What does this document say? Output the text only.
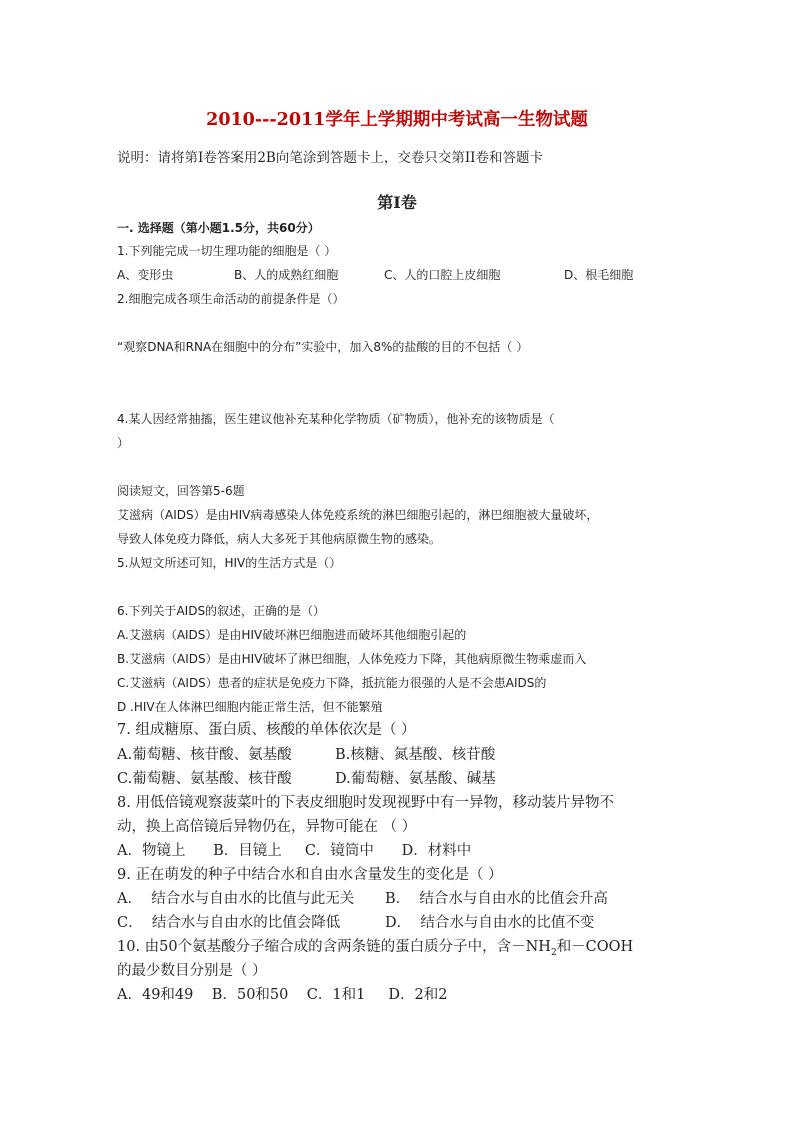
2010---2011学年上学期期中考试高一生物试题
说明：请将第I卷答案用2B向笔涂到答题卡上，交卷只交第II卷和答题卡
第I卷
一. 选择题（第小题1.5分，共60分）
1.下列能完成一切生理功能的细胞是（ ）
A、变形虫	B、人的成熟红细胞	C、人的口腔上皮细胞	D、根毛细胞
2.细胞完成各项生命活动的前提条件是（）
“观察DNA和RNA在细胞中的分布”实验中，加入8%的盐酸的目的不包括（ ）
4.某人因经常抽搐，医生建议他补充某种化学物质（矿物质），他补充的该物质是（
）
阅读短文，回答第5-6题
艾滋病（AIDS）是由HIV病毒感染人体免疫系统的淋巴细胞引起的，淋巴细胞被大量破坏，
导致人体免疫力降低，病人大多死于其他病原微生物的感染。
5.从短文所述可知，HIV的生活方式是（）
6.下列关于AIDS的叙述，正确的是（）
A.艾滋病（AIDS）是由HIV破坏淋巴细胞进而破坏其他细胞引起的
B.艾滋病（AIDS）是由HIV破坏了淋巴细胞，人体免疫力下降，其他病原微生物乘虚而入
C.艾滋病（AIDS）患者的症状是免疫力下降，抵抗能力很强的人是不会患AIDS的
D .HIV在人体淋巴细胞内能正常生活，但不能繁殖
7. 组成糖原、蛋白质、核酸的单体依次是（ ）
A.葡萄糖、核苷酸、氨基酸	B.核糖、氮基酸、核苷酸
C.葡萄糖、氨基酸、核苷酸	D.葡萄糖、氨基酸、碱基
8. 用低倍镜观察菠菜叶的下表皮细胞时发现视野中有一异物，移动装片异物不
动，换上高倍镜后异物仍在，异物可能在 （ ）
A．物镜上      B．目镜上     C．镜筒中      D．材料中
9. 正在萌发的种子中结合水和自由水含量发生的变化是（ ）
A．  结合水与自由水的比值与此无关 B．  结合水与自由水的比值会升高
C．  结合水与自由水的比值会降低	D．  结合水与自由水的比值不变
10. 由50个氨基酸分子缩合成的含两条链的蛋白质分子中，含$-NH_2$和－COOH
的最少数目分别是（ ）
A．49和49    B．50和50    C．1和1     D．2和2
